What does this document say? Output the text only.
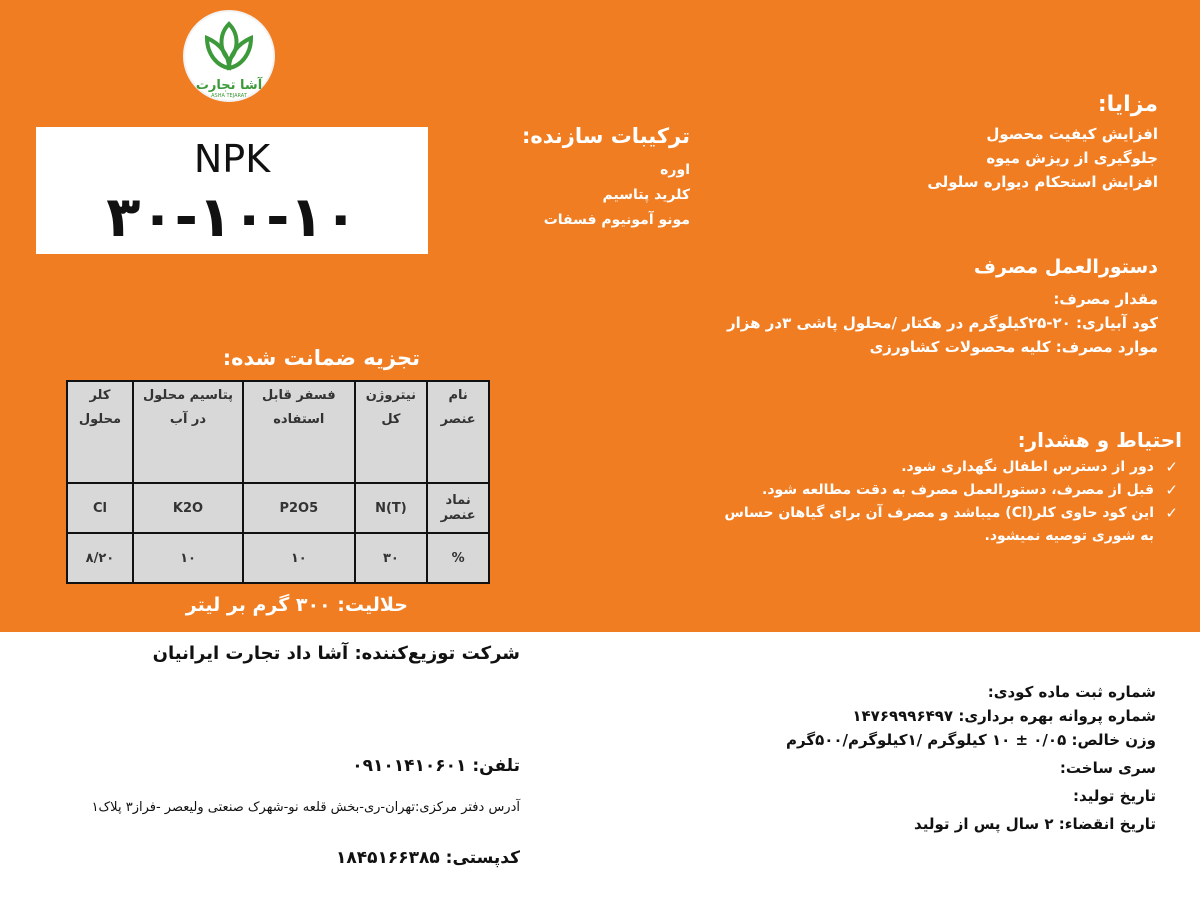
آشا تجارت
ASHA TEJARAT
NPK
۳۰-۱۰-۱۰
ترکیبات سازنده:
اوره
کلرید پتاسیم
مونو آمونیوم فسفات
مزایا:
افزایش کیفیت محصول
جلوگیری از ریزش میوه
افزایش استحکام دیواره سلولی
دستورالعمل مصرف
مقدار مصرف:
کود آبیاری: ۲۰-۲۵کیلوگرم در هکتار /محلول پاشی ۳در هزار
موارد مصرف: کلیه محصولات کشاورزی
احتیاط و هشدار:
✓
دور از دسترس اطفال نگهداری شود.
✓
قبل از مصرف، دستورالعمل مصرف به دقت مطالعه شود.
✓
این کود حاوی کلر(Cl) میباشد و مصرف آن برای گیاهان حساس به شوری توصیه نمیشود.
تجزیه ضمانت شده:
نام عنصر	نیتروژن کل	فسفر قابل استفاده	پتاسیم محلول در آب	کلر محلول
نماد عنصر	N(T)	P2O5	K2O	Cl
%	۳۰	۱۰	۱۰	۸/۲۰
حلالیت: ۳۰۰ گرم بر لیتر
شرکت توزیع‌کننده: آشا داد تجارت ایرانیان
تلفن: ۰۹۱۰۱۴۱۰۶۰۱
آدرس دفتر مرکزی:تهران-ری-بخش قلعه نو-شهرک صنعتی ولیعصر -فراز۳ پلاک۱
کدپستی: ۱۸۴۵۱۶۶۳۸۵
شماره ثبت ماده کودی:
شماره پروانه بهره برداری: ۱۴۷۶۹۹۹۶۴۹۷
وزن خالص: ۰/۰۵ ± ۱۰ کیلوگرم /۱کیلوگرم/۵۰۰گرم
سری ساخت:
تاریخ تولید:
تاریخ انقضاء: ۲ سال پس از تولید
